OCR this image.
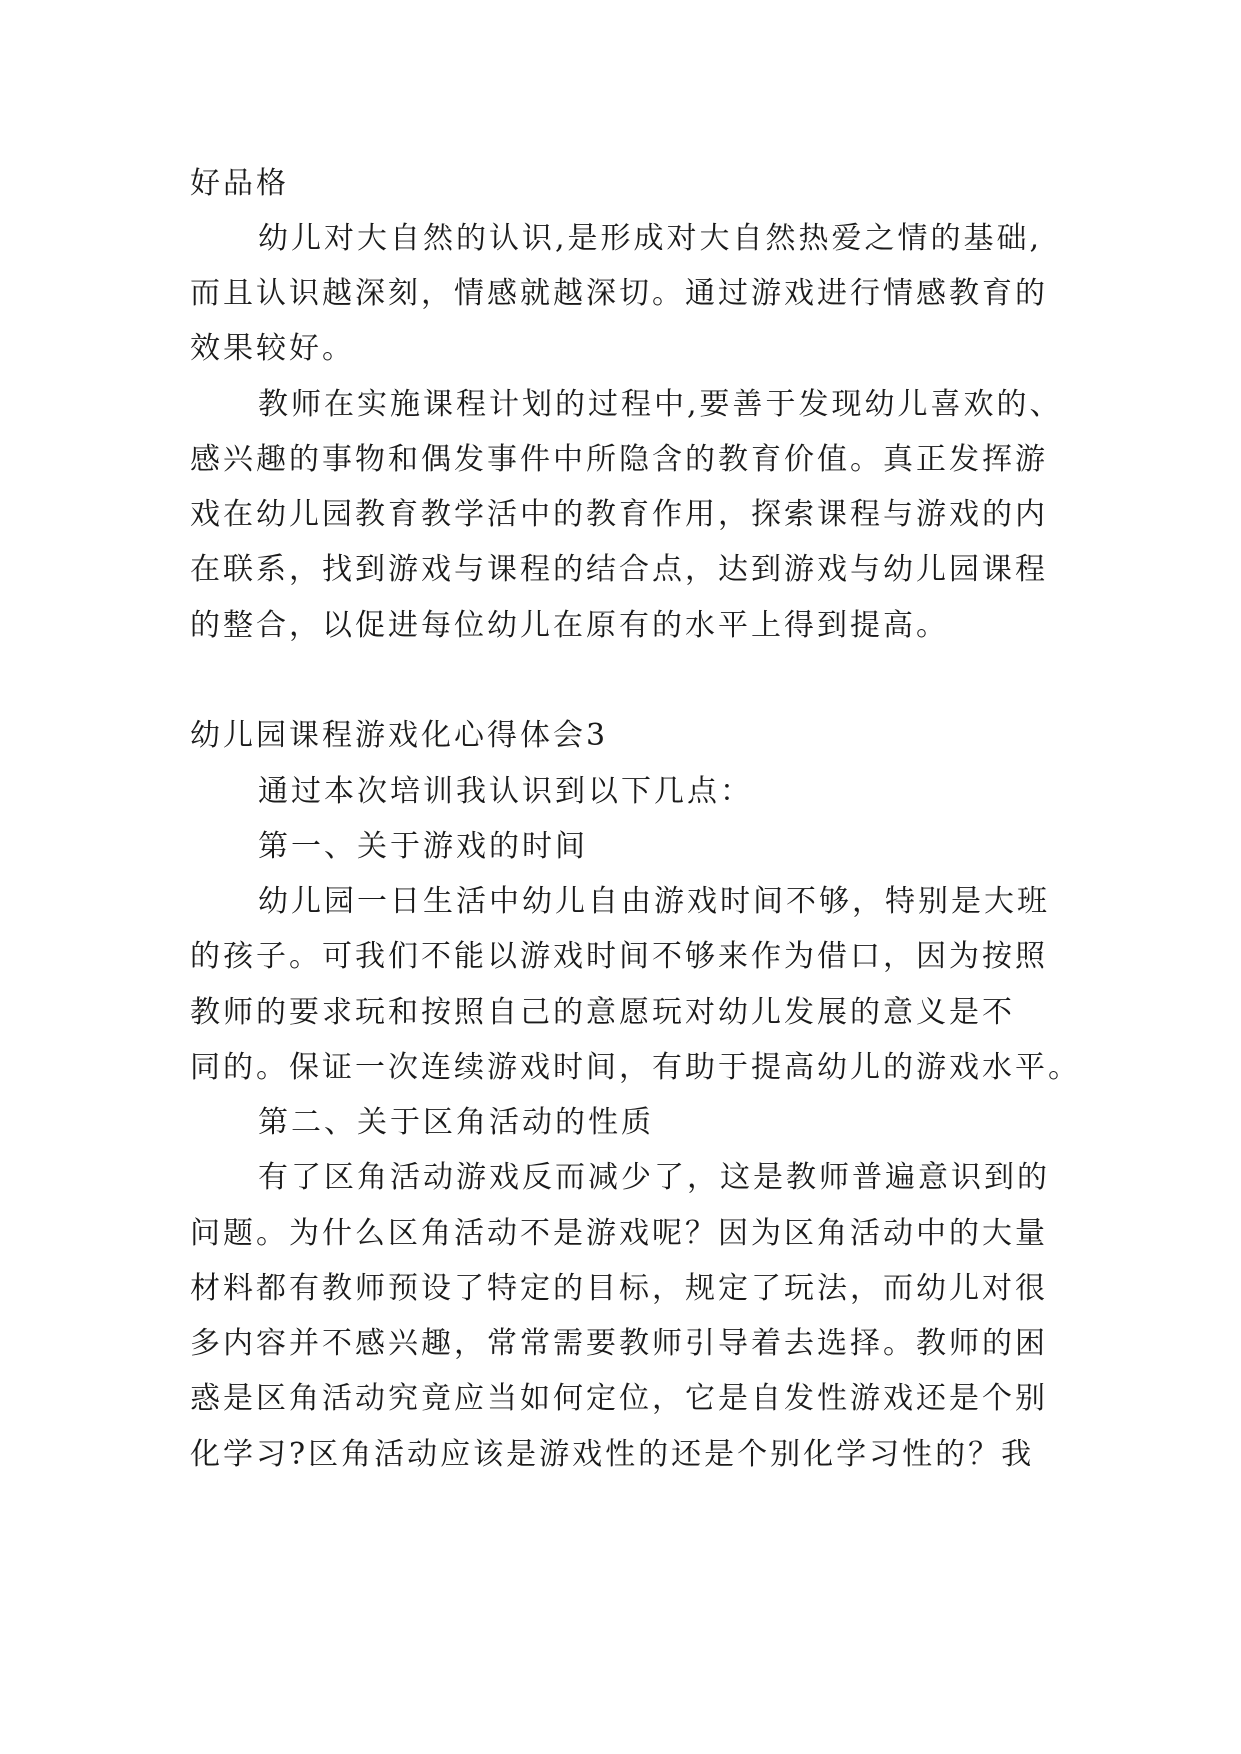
好品格
幼儿对大自然的认识,是形成对大自然热爱之情的基础,
而且认识越深刻，情感就越深切。通过游戏进行情感教育的
效果较好。
教师在实施课程计划的过程中,要善于发现幼儿喜欢的、
感兴趣的事物和偶发事件中所隐含的教育价值。真正发挥游
戏在幼儿园教育教学活中的教育作用，探索课程与游戏的内
在联系，找到游戏与课程的结合点，达到游戏与幼儿园课程
的整合，以促进每位幼儿在原有的水平上得到提高。
幼儿园课程游戏化心得体会3
通过本次培训我认识到以下几点：
第一、关于游戏的时间
幼儿园一日生活中幼儿自由游戏时间不够，特别是大班
的孩子。可我们不能以游戏时间不够来作为借口，因为按照
教师的要求玩和按照自己的意愿玩对幼儿发展的意义是不
同的。保证一次连续游戏时间，有助于提高幼儿的游戏水平。
第二、关于区角活动的性质
有了区角活动游戏反而减少了，这是教师普遍意识到的
问题。为什么区角活动不是游戏呢？因为区角活动中的大量
材料都有教师预设了特定的目标，规定了玩法，而幼儿对很
多内容并不感兴趣，常常需要教师引导着去选择。教师的困
惑是区角活动究竟应当如何定位，它是自发性游戏还是个别
化学习?区角活动应该是游戏性的还是个别化学习性的？我
